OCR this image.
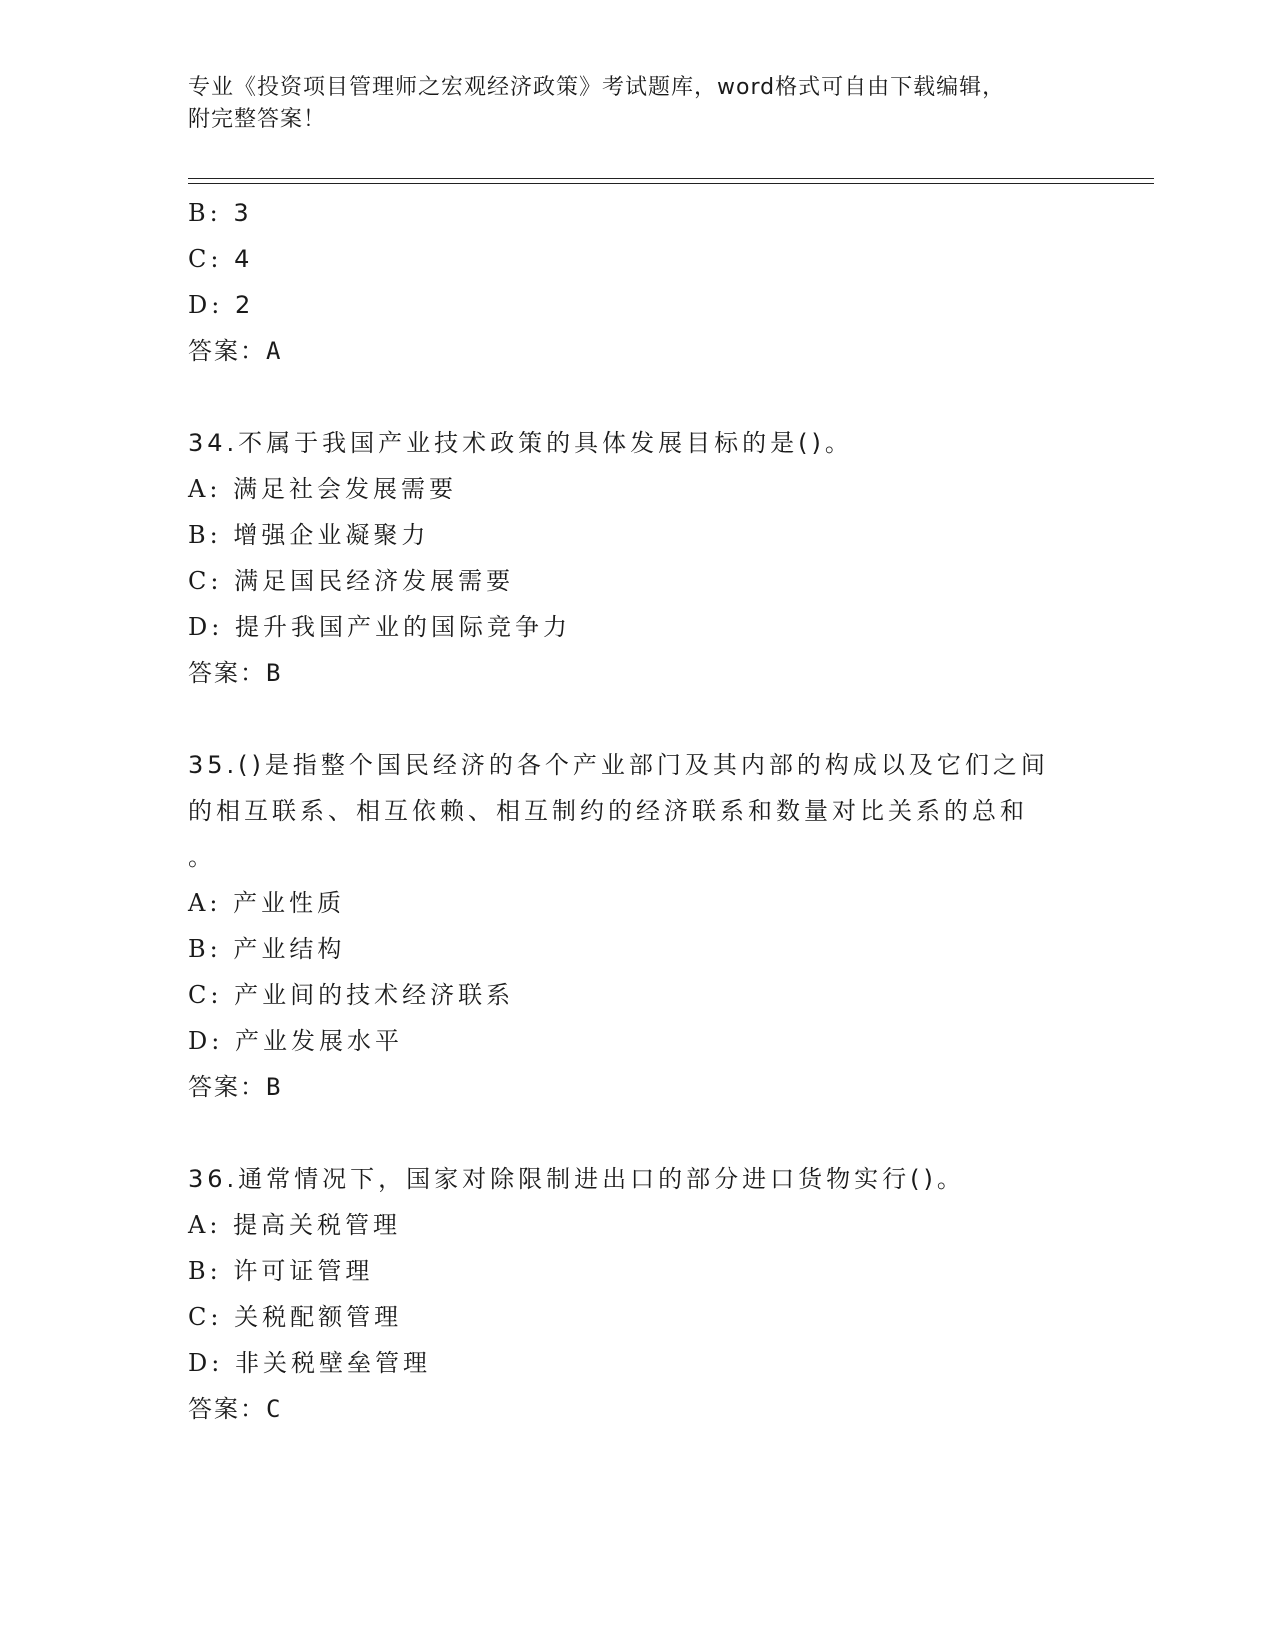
专业《投资项目管理师之宏观经济政策》考试题库，word格式可自由下载编辑，
附完整答案！
B: 3
C: 4
D: 2
答案：A
34.不属于我国产业技术政策的具体发展目标的是()。
A: 满足社会发展需要
B: 增强企业凝聚力
C: 满足国民经济发展需要
D: 提升我国产业的国际竞争力
答案：B
35.()是指整个国民经济的各个产业部门及其内部的构成以及它们之间
的相互联系、相互依赖、相互制约的经济联系和数量对比关系的总和
。
A: 产业性质
B: 产业结构
C: 产业间的技术经济联系
D: 产业发展水平
答案：B
36.通常情况下，国家对除限制进出口的部分进口货物实行()。
A: 提高关税管理
B: 许可证管理
C: 关税配额管理
D: 非关税壁垒管理
答案：C
